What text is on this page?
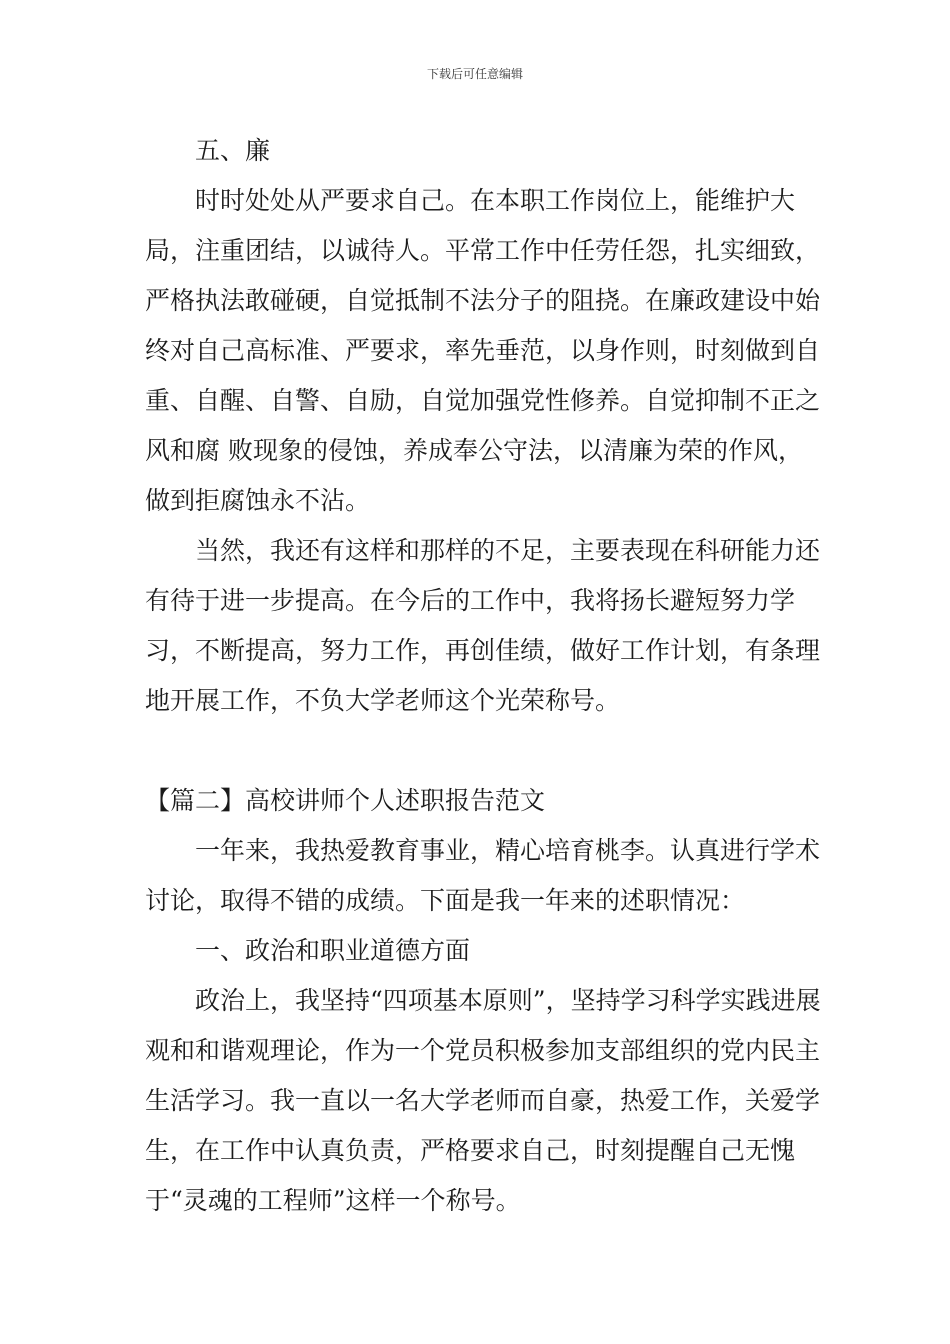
下载后可任意编辑

五、廉

时时处处从严要求自己。在本职工作岗位上，能维护大局，注重团结，以诚待人。平常工作中任劳任怨，扎实细致，严格执法敢碰硬，自觉抵制不法分子的阻挠。在廉政建设中始终对自己高标准、严要求，率先垂范，以身作则，时刻做到自重、自醒、自警、自励，自觉加强党性修养。自觉抑制不正之风和腐 败现象的侵蚀，养成奉公守法，以清廉为荣的作风，做到拒腐蚀永不沾。

当然，我还有这样和那样的不足，主要表现在科研能力还有待于进一步提高。在今后的工作中，我将扬长避短努力学习，不断提高，努力工作，再创佳绩，做好工作计划，有条理地开展工作，不负大学老师这个光荣称号。

【篇二】高校讲师个人述职报告范文

一年来，我热爱教育事业，精心培育桃李。认真进行学术讨论，取得不错的成绩。下面是我一年来的述职情况：

一、政治和职业道德方面

政治上，我坚持“四项基本原则”，坚持学习科学实践进展观和和谐观理论，作为一个党员积极参加支部组织的党内民主生活学习。我一直以一名大学老师而自豪，热爱工作，关爱学生，在工作中认真负责，严格要求自己，时刻提醒自己无愧于“灵魂的工程师”这样一个称号。
